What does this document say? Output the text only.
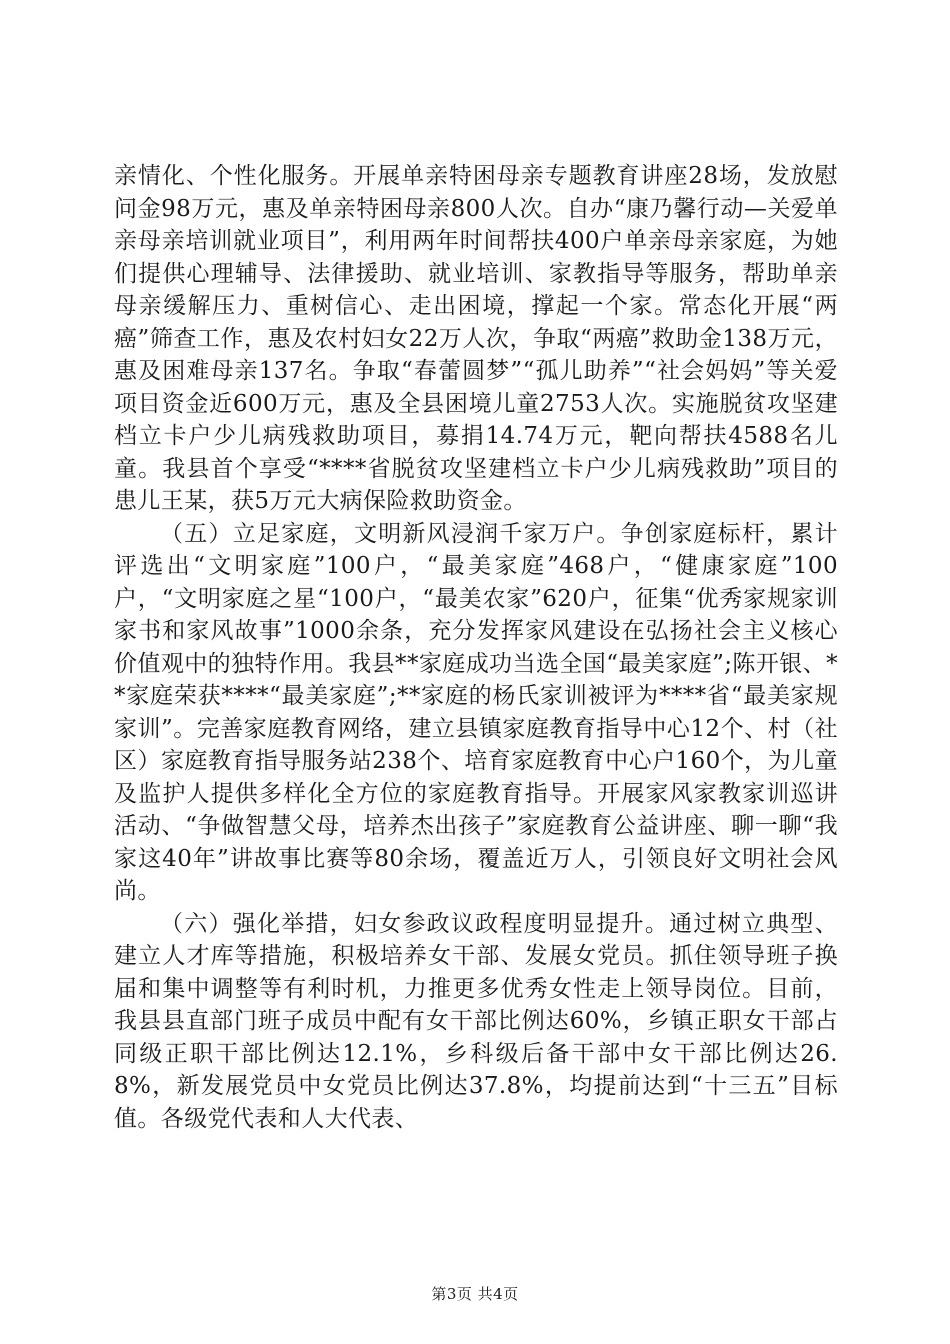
亲情化、个性化服务。开展单亲特困母亲专题教育讲座28场，发放慰问金98万元，惠及单亲特困母亲800人次。自办“康乃馨行动—关爱单亲母亲培训就业项目”，利用两年时间帮扶400户单亲母亲家庭，为她们提供心理辅导、法律援助、就业培训、家教指导等服务，帮助单亲母亲缓解压力、重树信心、走出困境，撑起一个家。常态化开展“两癌”筛查工作，惠及农村妇女22万人次，争取“两癌”救助金138万元，惠及困难母亲137名。争取“春蕾圆梦”“孤儿助养”“社会妈妈”等关爱项目资金近600万元，惠及全县困境儿童2753人次。实施脱贫攻坚建档立卡户少儿病残救助项目，募捐14.74万元，靶向帮扶4588名儿童。我县首个享受“****省脱贫攻坚建档立卡户少儿病残救助”项目的患儿王某，获5万元大病保险救助资金。

（五）立足家庭，文明新风浸润千家万户。争创家庭标杆，累计评选出“文明家庭”100户，“最美家庭”468户，“健康家庭”100户，“文明家庭之星“100户，“最美农家”620户，征集“优秀家规家训家书和家风故事”1000余条，充分发挥家风建设在弘扬社会主义核心价值观中的独特作用。我县**家庭成功当选全国“最美家庭”;陈开银、**家庭荣获****“最美家庭”;**家庭的杨氏家训被评为****省“最美家规家训”。完善家庭教育网络，建立县镇家庭教育指导中心12个、村（社区）家庭教育指导服务站238个、培育家庭教育中心户160个，为儿童及监护人提供多样化全方位的家庭教育指导。开展家风家教家训巡讲活动、“争做智慧父母，培养杰出孩子”家庭教育公益讲座、聊一聊“我家这40年”讲故事比赛等80余场，覆盖近万人，引领良好文明社会风尚。

（六）强化举措，妇女参政议政程度明显提升。通过树立典型、建立人才库等措施，积极培养女干部、发展女党员。抓住领导班子换届和集中调整等有利时机，力推更多优秀女性走上领导岗位。目前，我县县直部门班子成员中配有女干部比例达60%，乡镇正职女干部占同级正职干部比例达12.1%，乡科级后备干部中女干部比例达26.8%，新发展党员中女党员比例达37.8%，均提前达到“十三五”目标值。各级党代表和人大代表、

第3页 共4页
